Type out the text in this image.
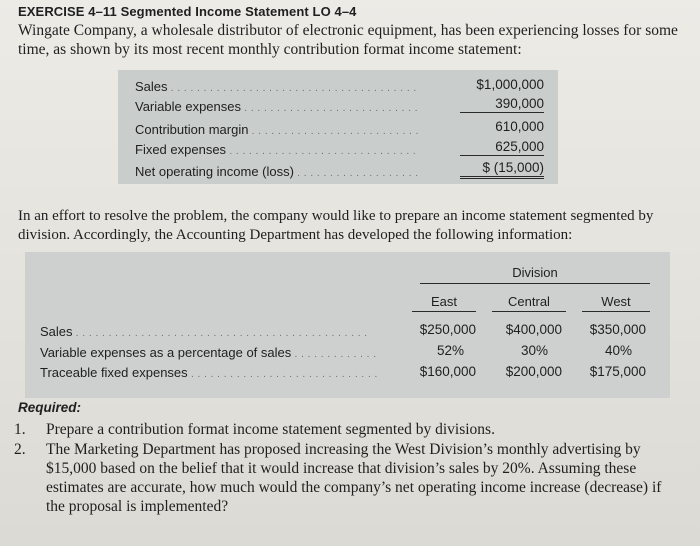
EXERCISE 4–11 Segmented Income Statement LO 4–4
Wingate Company, a wholesale distributor of electronic equipment, has been experiencing losses for some time, as shown by its most recent monthly contribution format income statement:
Sales . . .	$1,000,000
Variable expenses . . .	390,000
Contribution margin . . .	610,000
Fixed expenses . . .	625,000
Net operating income (loss) . . .	$ (15,000)
In an effort to resolve the problem, the company would like to prepare an income statement segmented by division. Accordingly, the Accounting Department has developed the following information:
Division
East	Central	West
Sales . . .	$250,000	$400,000	$350,000
Variable expenses as a percentage of sales . . .	52%	30%	40%
Traceable fixed expenses . . .	$160,000	$200,000	$175,000
Required:
1.	Prepare a contribution format income statement segmented by divisions.
2.	The Marketing Department has proposed increasing the West Division’s monthly advertising by $15,000 based on the belief that it would increase that division’s sales by 20%. Assuming these estimates are accurate, how much would the company’s net operating income increase (decrease) if the proposal is implemented?
